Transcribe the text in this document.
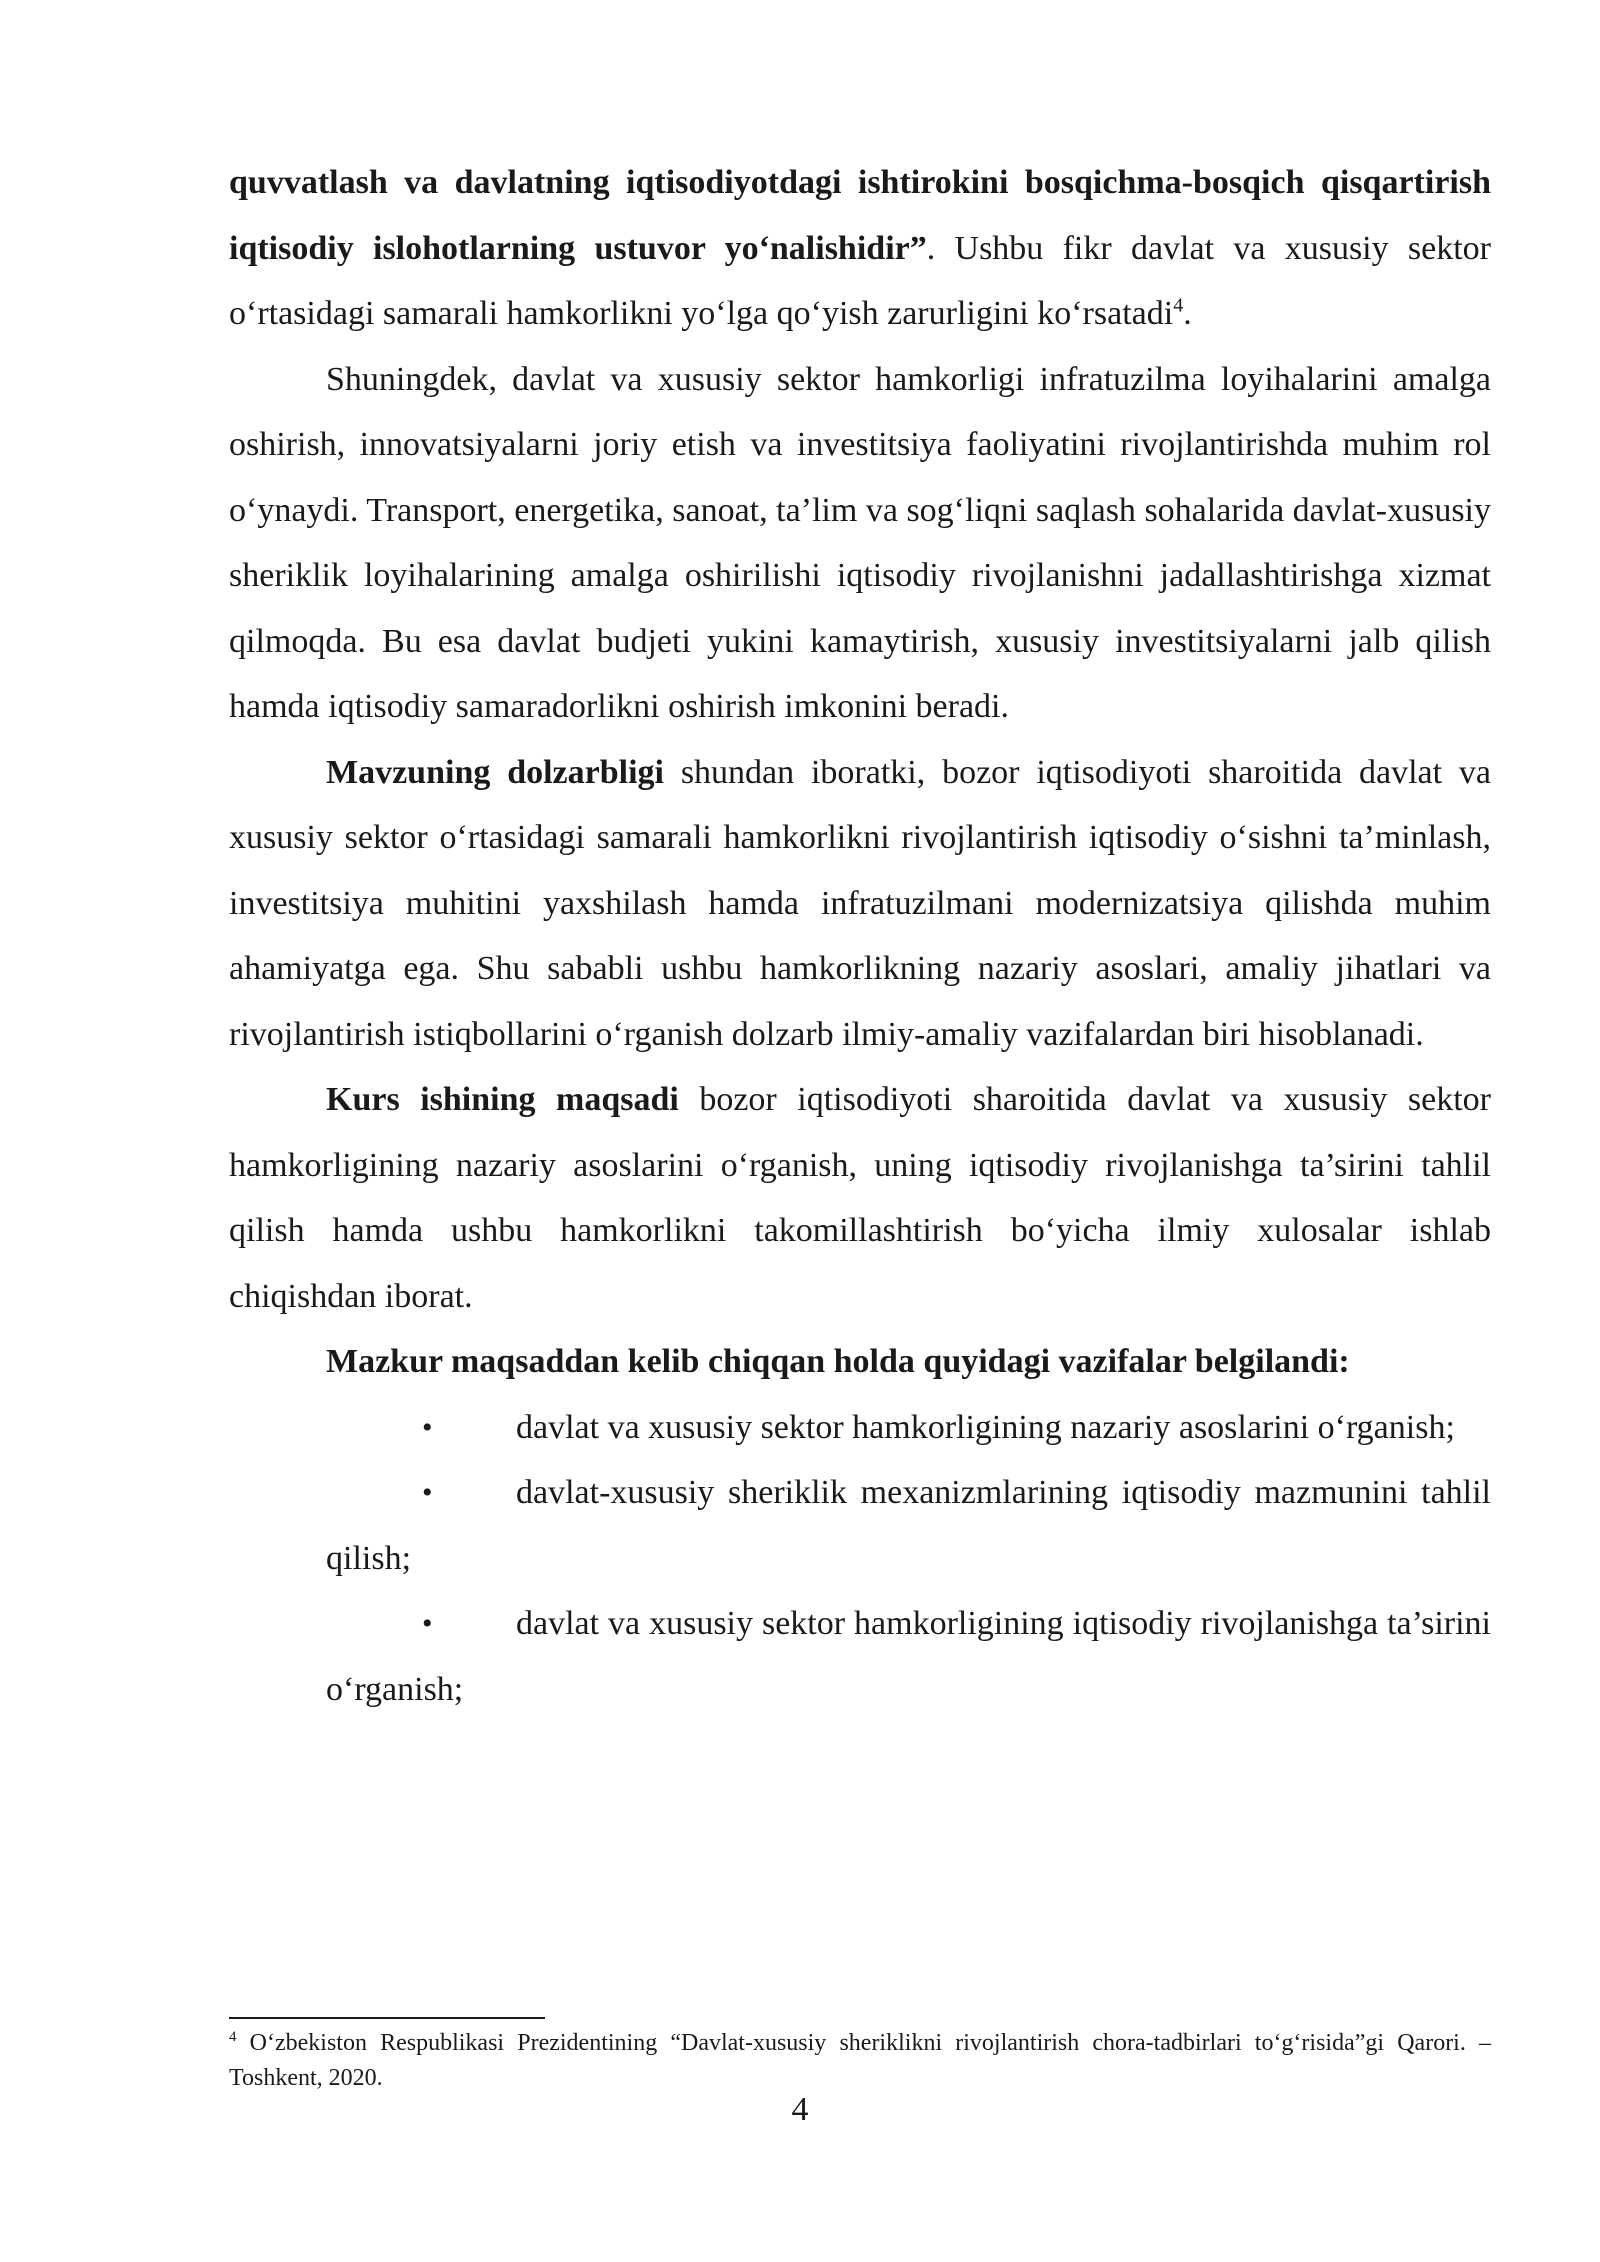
quvvatlash va davlatning iqtisodiyotdagi ishtirokini bosqichma-bosqich qisqartirish iqtisodiy islohotlarning ustuvor yo‘nalishidir”. Ushbu fikr davlat va xususiy sektor o‘rtasidagi samarali hamkorlikni yo‘lga qo‘yish zarurligini ko‘rsatadi$^4$.

Shuningdek, davlat va xususiy sektor hamkorligi infratuzilma loyihalarini amalga oshirish, innovatsiyalarni joriy etish va investitsiya faoliyatini rivojlantirishda muhim rol o‘ynaydi. Transport, energetika, sanoat, ta’lim va sog‘liqni saqlash sohalarida davlat-xususiy sheriklik loyihalarining amalga oshirilishi iqtisodiy rivojlanishni jadallashtirishga xizmat qilmoqda. Bu esa davlat budjeti yukini kamaytirish, xususiy investitsiyalarni jalb qilish hamda iqtisodiy samaradorlikni oshirish imkonini beradi.

Mavzuning dolzarbligi shundan iboratki, bozor iqtisodiyoti sharoitida davlat va xususiy sektor o‘rtasidagi samarali hamkorlikni rivojlantirish iqtisodiy o‘sishni ta’minlash, investitsiya muhitini yaxshilash hamda infratuzilmani modernizatsiya qilishda muhim ahamiyatga ega. Shu sababli ushbu hamkorlikning nazariy asoslari, amaliy jihatlari va rivojlantirish istiqbollarini o‘rganish dolzarb ilmiy-amaliy vazifalardan biri hisoblanadi.

Kurs ishining maqsadi bozor iqtisodiyoti sharoitida davlat va xususiy sektor hamkorligining nazariy asoslarini o‘rganish, uning iqtisodiy rivojlanishga ta’sirini tahlil qilish hamda ushbu hamkorlikni takomillashtirish bo‘yicha ilmiy xulosalar ishlab chiqishdan iborat.

Mazkur maqsaddan kelib chiqqan holda quyidagi vazifalar belgilandi:

•	davlat va xususiy sektor hamkorligining nazariy asoslarini o‘rganish;

•	davlat-xususiy sheriklik mexanizmlarining iqtisodiy mazmunini tahlil qilish;

•	davlat va xususiy sektor hamkorligining iqtisodiy rivojlanishga ta’sirini o‘rganish;

$^4$ O‘zbekiston Respublikasi Prezidentining “Davlat-xususiy sheriklikni rivojlantirish chora-tadbirlari to‘g‘risida”gi Qarori. – Toshkent, 2020.

4
